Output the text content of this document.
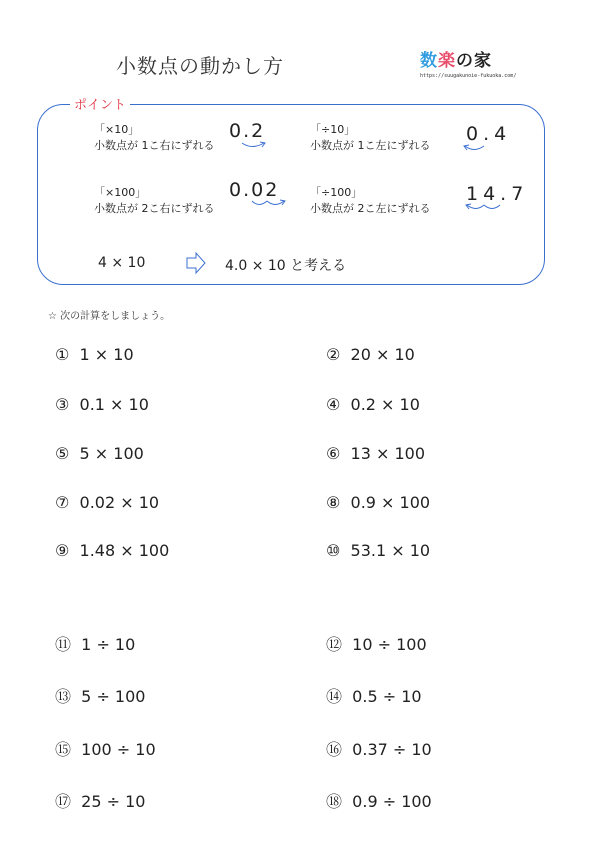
小数点の動かし方	数楽の家
https://suugakunoie-fukuoka.com/
ポイント
「×10」
小数点が 1こ右にずれる
0.2	「÷10」
小数点が 1こ左にずれる
0.4
「×100」
小数点が 2こ右にずれる
0.02	「÷100」
小数点が 2こ左にずれる
14.7
4 × 10	4.0 × 10 と考える
☆ 次の計算をしましょう。
①  1 × 10	②  20 × 10
③  0.1 × 10	④  0.2 × 10
⑤  5 × 100	⑥  13 × 100
⑦  0.02 × 10	⑧  0.9 × 100
⑨  1.48 × 100	⑩  53.1 × 10
⑪  1 ÷ 10	⑫  10 ÷ 100
⑬  5 ÷ 100	⑭  0.5 ÷ 10
⑮  100 ÷ 10	⑯  0.37 ÷ 10
⑰  25 ÷ 10	⑱  0.9 ÷ 100
